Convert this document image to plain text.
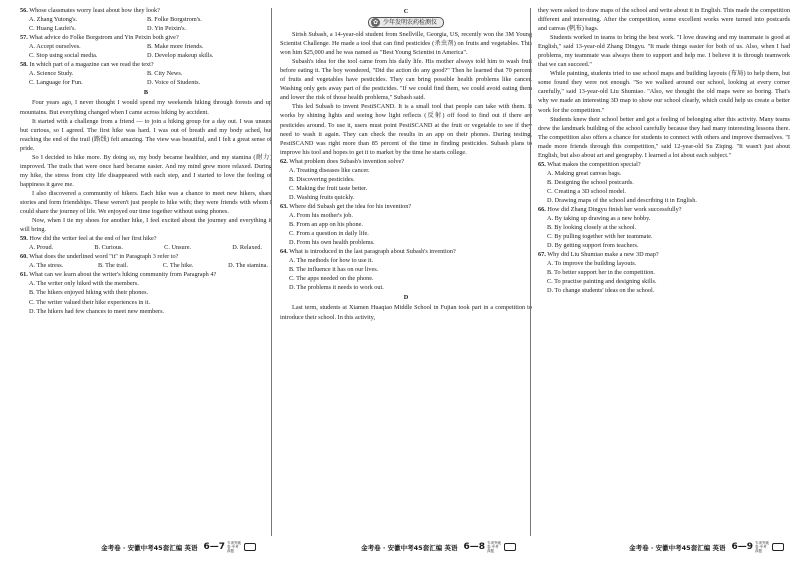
56. Whose classmates worry least about how they look?
A. Zhang Yutong's.	B. Folke Borgstrom's.
C. Huang Laufei's.	D. Yin Peixin's.
57. What advice do Folke Borgstrom and Yin Peixin both give?
A. Accept ourselves.	B. Make more friends.
C. Stop using social media.	D. Develop makeup skills.
58. In which part of a magazine can we read the text?
A. Science Study.	B. City News.
C. Language for Fun.	D. Voice of Students.
B

Four years ago, I never thought I would spend my weekends hiking through forests and up mountains. But everything changed when I came across hiking by accident.

It started with a challenge from a friend — to join a hiking group for a day out. I was unsure but curious, so I agreed. The first hike was hard. I was out of breath and my body ached, but reaching the end of the trail (路线) felt amazing. The view was beautiful, and I felt a great sense of pride.

So I decided to hike more. By doing so, my body became healthier, and my stamina (耐力) improved. The trails that were once hard became easier. And my mind grew more relaxed. During my hike, the stress from city life disappeared with each step, and I started to love the feeling of happiness it gave me.

I also discovered a community of hikers. Each hike was a chance to meet new hikers, share stories and form friendships. These weren't just people to hike with; they were friends with whom I could share the journey of life. We enjoyed our time together without using phones.

Now, when I tie my shoes for another hike, I feel excited about the journey and everything it will bring.

59. How did the writer feel at the end of her first hike?
A. Proud.	B. Curious.	C. Unsure.	D. Relaxed.
60. What does the underlined word "it" in Paragraph 3 refer to?
A. The stress.	B. The trail.	C. The hike.	D. The stamina.
61. What can we learn about the writer's hiking community from Paragraph 4?
A. The writer only hiked with the members.
B. The hikers enjoyed hiking with their phones.
C. The writer valued their hike experiences in it.
D. The hikers had few chances to meet new members.
C
✿ 少年发明农药检测仪

Sirish Subash, a 14-year-old student from Snellville, Georgia, US, recently won the 3M Young Scientist Challenge. He made a tool that can find pesticides (杀虫剂) on fruits and vegetables. This won him $25,000 and he was named as "Best Young Scientist in America".

Subash's idea for the tool came from his daily life. His mother always told him to wash fruit before eating it. The boy wondered, "Did the action do any good?" Then he learned that 70 percent of fruits and vegetables have pesticides. They can bring possible health problems like cancer. Washing only gets away part of the pesticides. "If we could find them, we could avoid eating them and lower the risk of those health problems," Subash said.

This led Subash to invent PestiSCAND. It is a small tool that people can take with them. It works by shining lights and seeing how light reflects (反射) off food to find out if there are pesticides around. To use it, users must point PestiSCAND at the fruit or vegetable to see if they need to wash it again. They can check the results in an app on their phones. During testing, PestiSCAND was right more than 85 percent of the time in finding pesticides. Subash plans to improve his tool and hopes to get it to market by the time he starts college.

62. What problem does Subash's invention solve?
A. Treating diseases like cancer.
B. Discovering pesticides.
C. Making the fruit taste better.
D. Washing fruits quickly.
63. Where did Subash get the idea for his invention?
A. From his mother's job.
B. From an app on his phone.
C. From a question in daily life.
D. From his own health problems.
64. What is introduced in the last paragraph about Subash's invention?
A. The methods for how to use it.
B. The influence it has on our lives.
C. The apps needed on the phone.
D. The problems it needs to work out.
D

Last term, students at Xiamen Huaqiao Middle School in Fujian took part in a competition to introduce their school. In this activity,

they were asked to draw maps of the school and write about it in English. This made the competition different and interesting. After the competition, some excellent works were turned into postcards and canvas (帆布) bags.

Students worked in teams to bring the best work. "I love drawing and my teammate is good at English," said 13-year-old Zhang Dingyu. "It made things easier for both of us. Also, when I had problems, my teammate was always there to support and help me. I believe it is through teamwork that we can succeed."

While painting, students tried to use school maps and building layouts (布局) to help them, but some found they were not enough. "So we walked around our school, looking at every corner carefully," said 13-year-old Liu Shumiao. "Also, we thought the old maps were so boring. That's why we made an interesting 3D map to show our school clearly, which could help us create a better work for the competition."

Students knew their school better and got a feeling of belonging after this activity. Many teams drew the landmark building of the school carefully because they had many interesting lessons there. The competition also offers a chance for students to connect with others and improve themselves. "I made more friends through this competition," said 12-year-old Su Ziqing. "It wasn't just about English, but also about art and geography. I learned a lot about each subject."

65. What makes the competition special?
A. Making great canvas bags.
B. Designing the school postcards.
C. Creating a 3D school model.
D. Drawing maps of the school and describing it in English.
66. How did Zhang Dingyu finish her work successfully?
A. By taking up drawing as a new hobby.
B. By looking closely at the school.
C. By pulling together with her teammate.
D. By getting support from teachers.
67. Why did Liu Shumiao make a new 3D map?
A. To improve the building layouts.
B. To better support her in the competition.
C. To practise painting and designing skills.
D. To change students' ideas on the school.
金考卷 · 安徽中考45套汇编 英语 6—7 专项突破卷·中考真题	金考卷 · 安徽中考45套汇编 英语 6—8 专项突破卷·中考真题	金考卷 · 安徽中考45套汇编 英语 6—9 专项突破卷·中考真题
